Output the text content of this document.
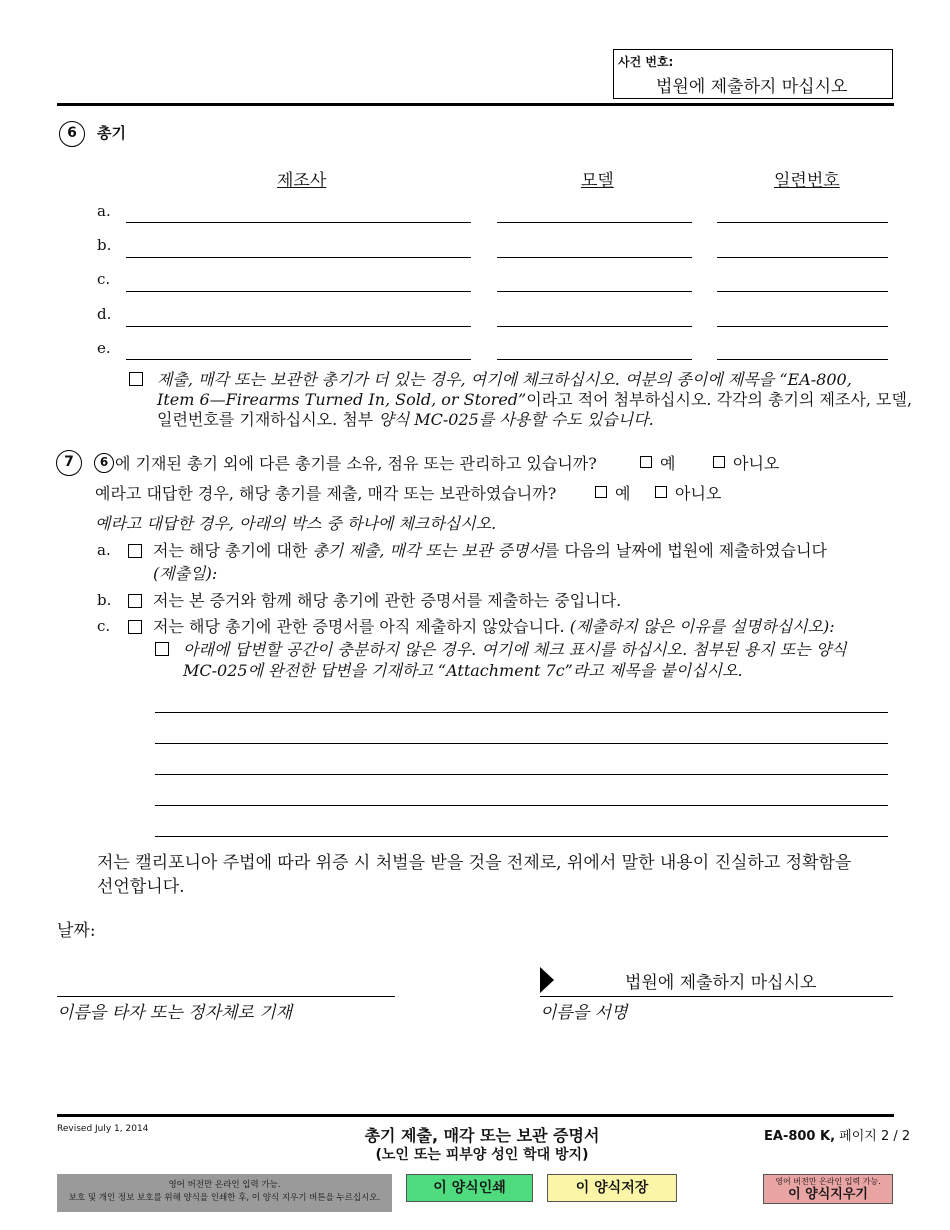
사건 번호:
법원에 제출하지 마십시오
6	총기
제조사	모델	일련번호
a.
b.
c.
d.
e.
제출, 매각 또는 보관한 총기가 더 있는 경우, 여기에 체크하십시오. 여분의 종이에 제목을 “EA-800,
Item 6—Firearms Turned In, Sold, or Stored”이라고 적어 첨부하십시오. 각각의 총기의 제조사, 모델,
일련번호를 기재하십시오. 첨부 양식 MC-025를 사용할 수도 있습니다.
7	6 에 기재된 총기 외에 다른 총기를 소유, 점유 또는 관리하고 있습니까?	예	아니오
예라고 대답한 경우, 해당 총기를 제출, 매각 또는 보관하였습니까?	예	아니오
예라고 대답한 경우, 아래의 박스 중 하나에 체크하십시오.
a.	저는 해당 총기에 대한 총기 제출, 매각 또는 보관 증명서를 다음의 날짜에 법원에 제출하였습니다
(제출일):
b.	저는 본 증거와 함께 해당 총기에 관한 증명서를 제출하는 중입니다.
c.	저는 해당 총기에 관한 증명서를 아직 제출하지 않았습니다. (제출하지 않은 이유를 설명하십시오):
아래에 답변할 공간이 충분하지 않은 경우. 여기에 체크 표시를 하십시오. 첨부된 용지 또는 양식
MC-025에 완전한 답변을 기재하고 “Attachment 7c”라고 제목을 붙이십시오.
저는 캘리포니아 주법에 따라 위증 시 처벌을 받을 것을 전제로, 위에서 말한 내용이 진실하고 정확함을
선언합니다.
날짜:
이름을 타자 또는 정자체로 기재
법원에 제출하지 마십시오
이름을 서명
Revised July 1, 2014	총기 제출, 매각 또는 보관 증명서
(노인 또는 피부양 성인 학대 방지)
EA-800 K, 페이지 2 / 2
영어 버전만 온라인 입력 가능.
보호 및 개인 정보 보호를 위해 양식을 인쇄한 후, 이 양식 지우기 버튼을 누르십시오.
이 양식인쇄	이 양식저장	영어 버전만 온라인 입력 가능.
이 양식지우기
